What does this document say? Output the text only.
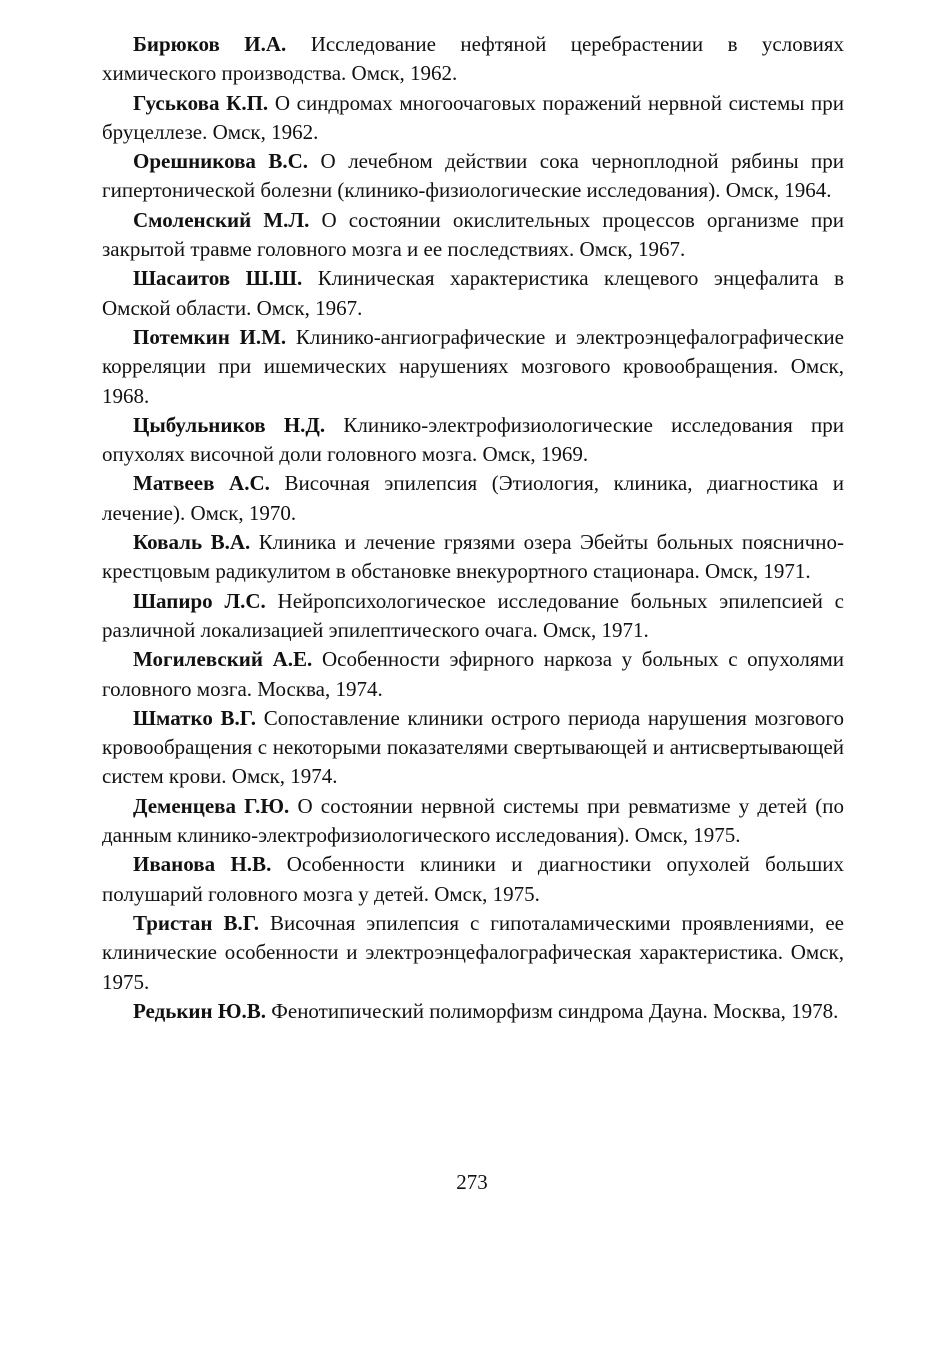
Бирюков И.А. Исследование нефтяной церебрастении в условиях химического производства. Омск, 1962.

Гуськова К.П. О синдромах многоочаговых поражений нервной системы при бруцеллезе. Омск, 1962.

Орешникова В.С. О лечебном действии сока черноплодной рябины при гипертонической болезни (клинико-физиологические исследования). Омск, 1964.

Смоленский М.Л. О состоянии окислительных процессов организме при закрытой травме головного мозга и ее последствиях. Омск, 1967.

Шасаитов Ш.Ш. Клиническая характеристика клещевого энцефалита в Омской области. Омск, 1967.

Потемкин И.М. Клинико-ангиографические и электроэнцефалографические корреляции при ишемических нарушениях мозгового кровообращения. Омск, 1968.

Цыбульников Н.Д. Клинико-электрофизиологические исследования при опухолях височной доли головного мозга. Омск, 1969.

Матвеев А.С. Височная эпилепсия (Этиология, клиника, диагностика и лечение). Омск, 1970.

Коваль В.А. Клиника и лечение грязями озера Эбейты больных пояснично-крестцовым радикулитом в обстановке внекурортного стационара. Омск, 1971.

Шапиро Л.С. Нейропсихологическое исследование больных эпилепсией с различной локализацией эпилептического очага. Омск, 1971.

Могилевский А.Е. Особенности эфирного наркоза у больных с опухолями головного мозга. Москва, 1974.

Шматко В.Г. Сопоставление клиники острого периода нарушения мозгового кровообращения с некоторыми показателями свертывающей и антисвертывающей систем крови. Омск, 1974.

Деменцева Г.Ю. О состоянии нервной системы при ревматизме у детей (по данным клинико-электрофизиологического исследования). Омск, 1975.

Иванова Н.В. Особенности клиники и диагностики опухолей больших полушарий головного мозга у детей. Омск, 1975.

Тристан В.Г. Височная эпилепсия с гипоталамическими проявлениями, ее клинические особенности и электроэнцефалографическая характеристика. Омск, 1975.

Редькин Ю.В. Фенотипический полиморфизм синдрома Дауна. Москва, 1978.

273
